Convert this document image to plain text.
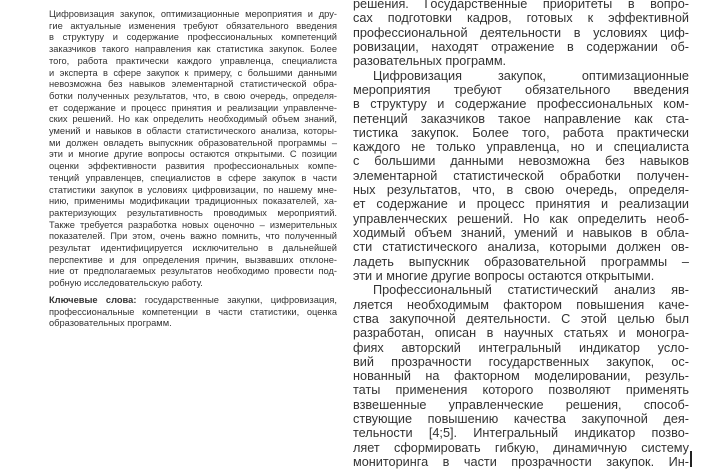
Цифровизация закупок, оптимизационные мероприятия и дру-
гие актуальные изменения требуют обязательного введения
в структуру и содержание профессиональных компетенций
заказчиков такого направления как статистика закупок. Более
того, работа практически каждого управленца, специалиста
и эксперта в сфере закупок к примеру, с большими данными
невозможна без навыков элементарной статистической обра-
ботки полученных результатов, что, в свою очередь, определя-
ет содержание и процесс принятия и реализации управленче-
ских решений. Но как определить необходимый объем знаний,
умений и навыков в области статистического анализа, которы-
ми должен овладеть выпускник образовательной программы –
эти и многие другие вопросы остаются открытыми. С позиции
оценки эффективности развития профессиональных компе-
тенций управленцев, специалистов в сфере закупок в части
статистики закупок в условиях цифровизации, по нашему мне-
нию, применимы модификации традиционных показателей, ха-
рактеризующих результативность проводимых мероприятий.
Также требуется разработка новых оценочно – измерительных
показателей. При этом, очень важно помнить, что полученный
результат идентифицируется исключительно в дальнейшей
перспективе и для определения причин, вызвавших отклоне-
ние от предполагаемых результатов необходимо провести под-
робную исследовательскую работу.
Ключевые слова: государственные закупки, цифровизация,
профессиональные компетенции в части статистики, оценка
образовательных программ.
решения. Государственные приоритеты в вопро-
сах подготовки кадров, готовых к эффективной
профессиональной деятельности в условиях циф-
ровизации, находят отражение в содержании об-
разовательных программ.
Цифровизация закупок, оптимизационные
мероприятия требуют обязательного введения
в структуру и содержание профессиональных ком-
петенций заказчиков такое направление как ста-
тистика закупок. Более того, работа практически
каждого не только управленца, но и специалиста
с большими данными невозможна без навыков
элементарной статистической обработки получен-
ных результатов, что, в свою очередь, определя-
ет содержание и процесс принятия и реализации
управленческих решений. Но как определить необ-
ходимый объем знаний, умений и навыков в обла-
сти статистического анализа, которыми должен ов-
ладеть выпускник образовательной программы –
эти и многие другие вопросы остаются открытыми.
Профессиональный статистический анализ яв-
ляется необходимым фактором повышения каче-
ства закупочной деятельности. С этой целью был
разработан, описан в научных статьях и моногра-
фиях авторский интегральный индикатор усло-
вий прозрачности государственных закупок, ос-
нованный на факторном моделировании, резуль-
таты применения которого позволяют применять
взвешенные управленческие решения, способ-
ствующие повышению качества закупочной дея-
тельности [4;5]. Интегральный индикатор позво-
ляет сформировать гибкую, динамичную систему
мониторинга в части прозрачности закупок. Ин-
